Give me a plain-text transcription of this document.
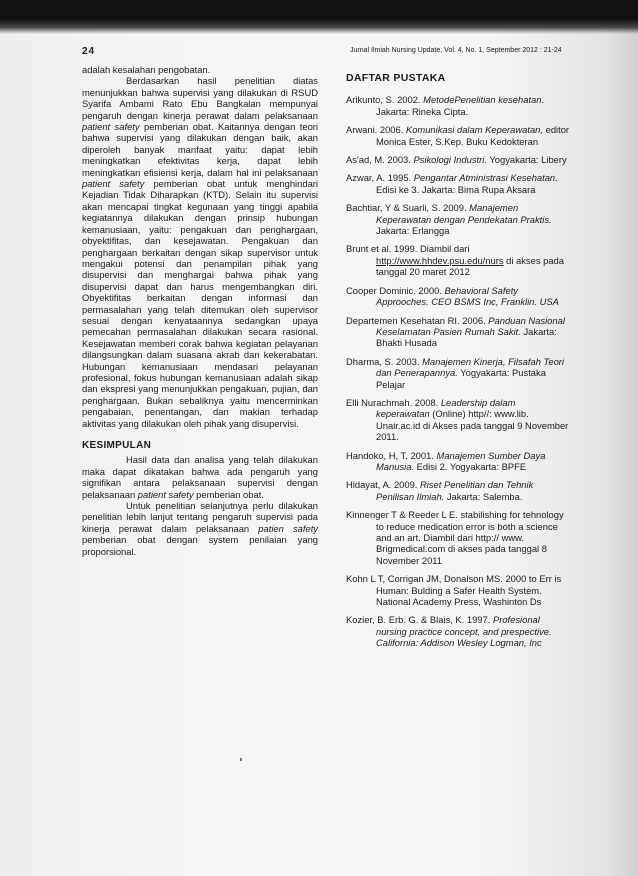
24	Jurnal Ilmiah Nursing Update, Vol. 4, No. 1, September 2012 : 21-24

adalah kesalahan pengobatan.

Berdasarkan hasil penelitian diatas menunjukkan bahwa supervisi yang dilakukan di RSUD Syarifa Ambami Rato Ebu Bangkalan mempunyai pengaruh dengan kinerja perawat dalam pelaksanaan patient safety pemberian obat. Kaitannya dengan teori bahwa supervisi yang dilakukan dengan baik, akan diperoleh banyak manfaat yaitu: dapat lebih meningkatkan efektivitas kerja, dapat lebih meningkatkan efisiensi kerja, dalam hal ini pelaksanaan patient safety pemberian obat untuk menghindari Kejadian Tidak Diharapkan (KTD). Selain itu supervisi akan mencapai tingkat kegunaan yang tinggi apabila kegiatannya dilakukan dengan prinsip hubungan kemanusiaan, yaitu: pengakuan dan penghargaan, obyektifitas, dan kesejawatan. Pengakuan dan penghargaan berkaitan dengan sikap supervisor untuk mengakui potensi dan penampilan pihak yang disupervisi dan menghargai bahwa pihak yang disupervisi dapat dan harus mengembangkan diri. Obyektifitas berkaitan dengan informasi dan permasalahan yang telah ditemukan oleh supervisor sesuai dengan kenyataannya sedangkan upaya pemecahan permasalahan dilakukan secara rasional. Kesejawatan memberi corak bahwa kegiatan pelayanan dilangsungkan dalam suasana akrab dan kekerabatan. Hubungan kemanusiaan mendasari pelayanan profesional, fokus hubungan kemanusiaan adalah sikap dan ekspresi yang menunjukkan pengakuan, pujian, dan penghargaan. Bukan sebaliknya yaitu mencerminkan pengabaian, penentangan, dan makian terhadap aktivitas yang dilakukan oleh pihak yang disupervisi.

KESIMPULAN

Hasil data dan analisa yang telah dilakukan maka dapat dikatakan bahwa ada pengaruh yang signifikan antara pelaksanaan supervisi dengan pelaksanaan patient safety pemberian obat.

Untuk penelitian selanjutnya perlu dilakukan penelitian lebih lanjut tentang pengaruh supervisi pada kinerja perawat dalam pelaksanaan patien safety pemberian obat dengan system penilaian yang proporsional.

DAFTAR PUSTAKA

Arikunto, S. 2002. MetodePenelitian kesehatan. Jakarta: Rineka Cipta.

Arwani. 2006. Komunikasi dalam Keperawatan, editor Monica Ester, S.Kep. Buku Kedokteran

As'ad, M. 2003. Psikologi Industri. Yogyakarta: Libery

Azwar, A. 1995. Pengantar Atministrasi Kesehatan. Edisi ke 3. Jakarta: Bima Rupa Aksara

Bachtiar, Y & Suarli, S. 2009. Manajemen Keperawatan dengan Pendekatan Praktis. Jakarta: Erlangga

Brunt et al. 1999. Diambil dari http://www.hhdev.psu.edu/nurs di akses pada tanggal 20 maret 2012

Cooper Dominic. 2000. Behavioral Safety Approoches. CEO BSMS Inc, Franklin. USA

Departemen Kesehatan RI. 2006. Panduan Nasional Keselamatan Pasien Rumah Sakit. Jakarta: Bhakti Husada

Dharma, S. 2003. Manajemen Kinerja, Filsafah Teori dan Penerapannya. Yogyakarta: Pustaka Pelajar

Elli Nurachmah. 2008. Leadership dalam keperawatan (Online) http//: www.lib. Unair.ac.id di Akses pada tanggal 9 November 2011.

Handoko, H, T. 2001. Manajemen Sumber Daya Manusia. Edisi 2. Yogyakarta: BPFE

Hidayat, A. 2009. Riset Penelitian dan Tehnik Penilisan Ilmiah. Jakarta: Salemba.

Kinnenger T & Reeder L E. stabilishing for tehnology to reduce medication error is both a science and an art. Diambil dari http:// www. Brigmedical.com di akses pada tanggal 8 November 2011

Kohn L T, Corrigan JM, Donalson MS. 2000 to Err is Human: Bulding a Safer Health System. National Academy Press, Washinton Ds

Kozier, B. Erb. G. & Blais, K. 1997. Profesional nursing practice concept, and prespective. California: Addison Wesley Logman, Inc
